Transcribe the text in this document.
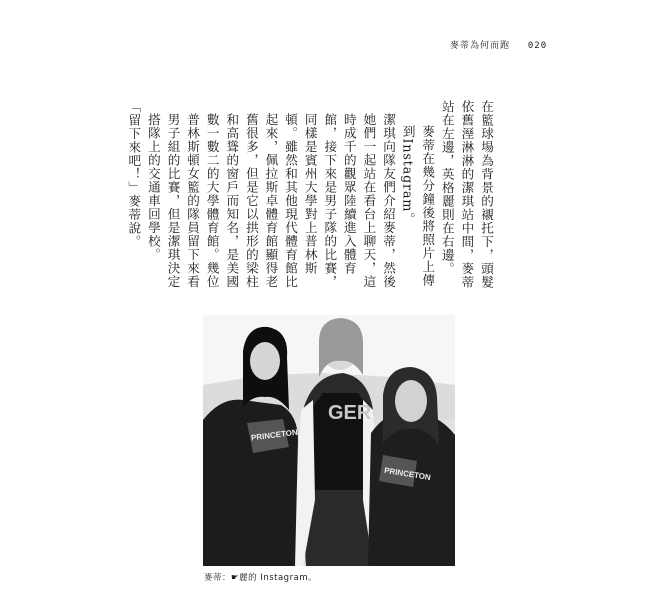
麥蒂為何而跑 020

在籃球場為背景的襯托下，頭髮依舊溼淋淋的潔琪站中間，麥蒂站在左邊，英格麗則在右邊。

麥蒂在幾分鐘後將照片上傳到Instagram。

潔琪向隊友們介紹麥蒂，然後她們一起站在看台上聊天，這時成千的觀眾陸續進入體育館，接下來是男子隊的比賽，同樣是賓州大學對上普林斯頓。雖然和其他現代體育館比起來，佩拉斯卓體育館顯得老舊很多，但是它以拱形的梁柱和高聳的窗戶而知名，是美國數一數二的大學體育館。幾位普林斯頓女籃的隊員留下來看男子組的比賽，但是潔琪決定搭隊上的交通車回學校。

「留下來吧！」麥蒂說。

GER
PRINCETON
PRINCETON
麥蒂：☛麗的 Instagram。
